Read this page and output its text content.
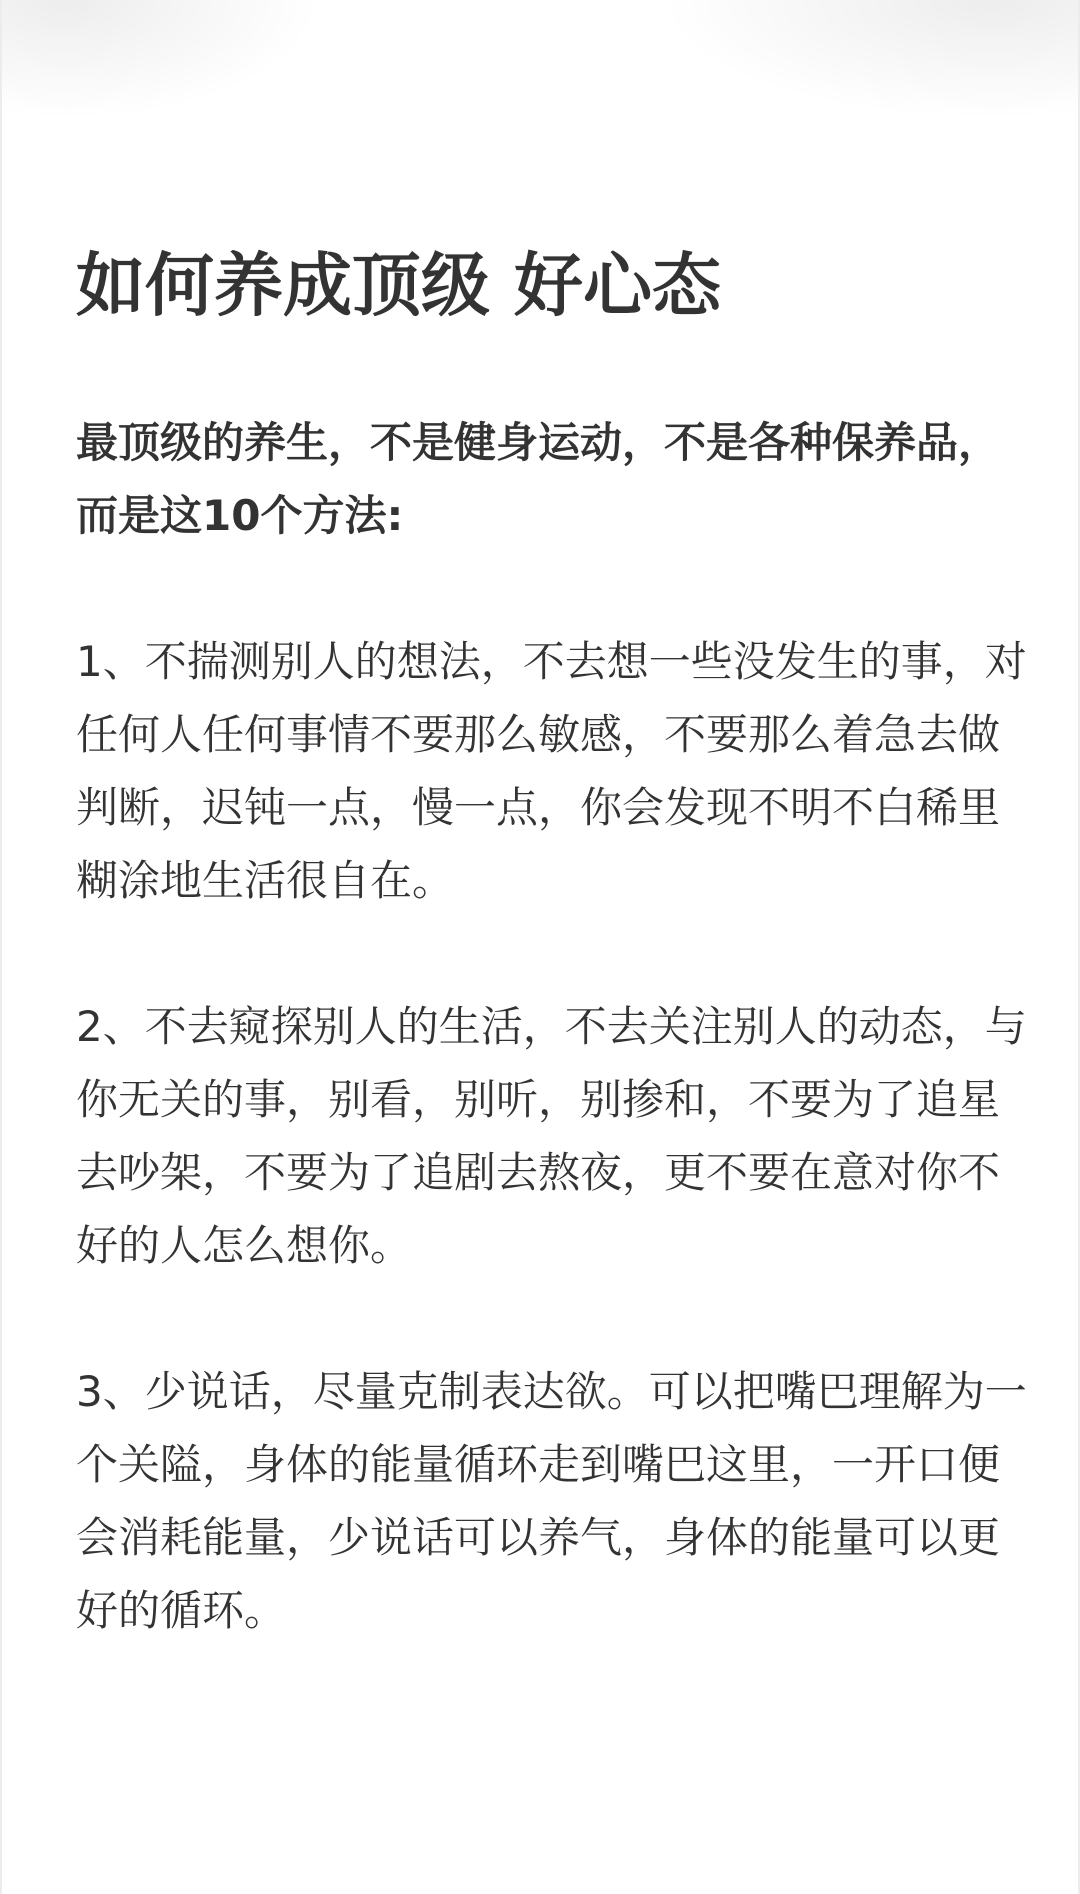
如何养成顶级 好心态

最顶级的养生，不是健身运动，不是各种保养品，而是这10个方法:

1、不揣测别人的想法，不去想一些没发生的事，对任何人任何事情不要那么敏感，不要那么着急去做判断，迟钝一点，慢一点，你会发现不明不白稀里糊涂地生活很自在。

2、不去窥探别人的生活，不去关注别人的动态，与你无关的事，别看，别听，别掺和，不要为了追星去吵架，不要为了追剧去熬夜，更不要在意对你不好的人怎么想你。

3、少说话，尽量克制表达欲。可以把嘴巴理解为一个关隘，身体的能量循环走到嘴巴这里，一开口便会消耗能量，少说话可以养气，身体的能量可以更好的循环。
